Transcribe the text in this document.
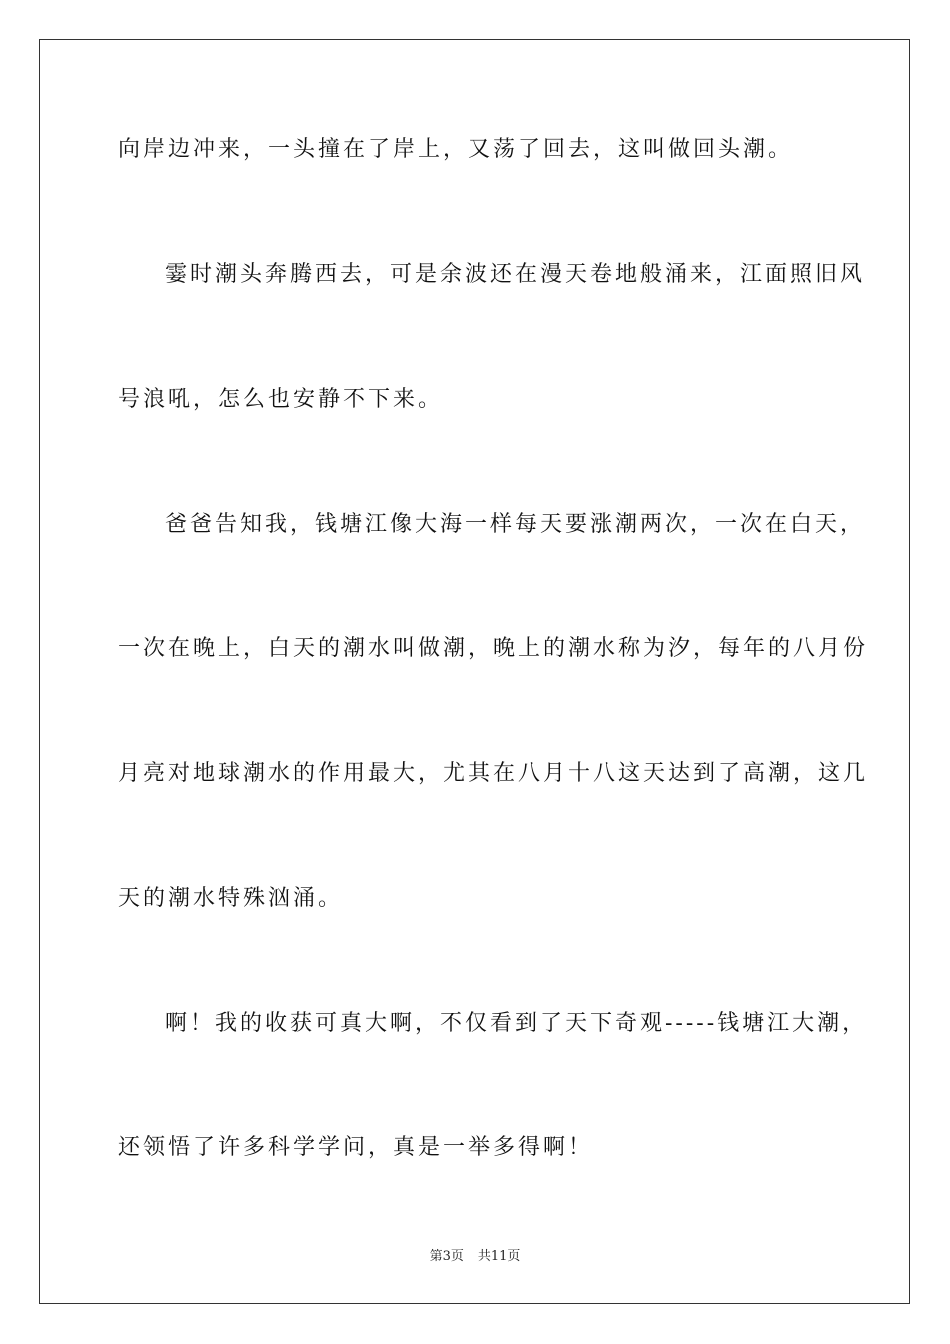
向岸边冲来，一头撞在了岸上，又荡了回去，这叫做回头潮。
霎时潮头奔腾西去，可是余波还在漫天卷地般涌来，江面照旧风
号浪吼，怎么也安静不下来。
爸爸告知我，钱塘江像大海一样每天要涨潮两次，一次在白天，
一次在晚上，白天的潮水叫做潮，晚上的潮水称为汐，每年的八月份
月亮对地球潮水的作用最大，尤其在八月十八这天达到了高潮，这几
天的潮水特殊汹涌。
啊！我的收获可真大啊，不仅看到了天下奇观-----钱塘江大潮，
还领悟了许多科学学问，真是一举多得啊！
第3页 共11页
